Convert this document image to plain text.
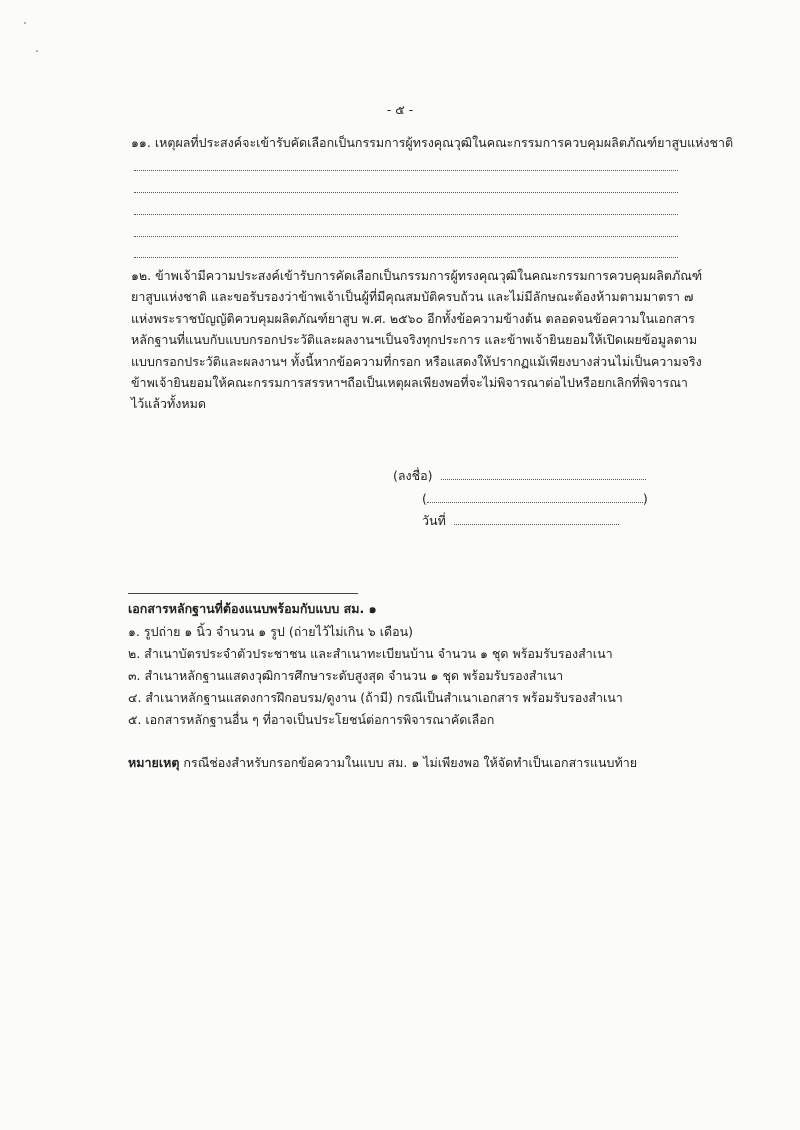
- ๕ -
๑๑. เหตุผลที่ประสงค์จะเข้ารับคัดเลือกเป็นกรรมการผู้ทรงคุณวุฒิในคณะกรรมการควบคุมผลิตภัณฑ์ยาสูบแห่งชาติ
๑๒. ข้าพเจ้ามีความประสงค์เข้ารับการคัดเลือกเป็นกรรมการผู้ทรงคุณวุฒิในคณะกรรมการควบคุมผลิตภัณฑ์
ยาสูบแห่งชาติ และขอรับรองว่าข้าพเจ้าเป็นผู้ที่มีคุณสมบัติครบถ้วน และไม่มีลักษณะต้องห้ามตามมาตรา ๗
แห่งพระราชบัญญัติควบคุมผลิตภัณฑ์ยาสูบ พ.ศ. ๒๕๖๐ อีกทั้งข้อความข้างต้น ตลอดจนข้อความในเอกสาร
หลักฐานที่แนบกับแบบกรอกประวัติและผลงานฯเป็นจริงทุกประการ และข้าพเจ้ายินยอมให้เปิดเผยข้อมูลตาม
แบบกรอกประวัติและผลงานฯ ทั้งนี้หากข้อความที่กรอก หรือแสดงให้ปรากฏแม้เพียงบางส่วนไม่เป็นความจริง
ข้าพเจ้ายินยอมให้คณะกรรมการสรรหาฯถือเป็นเหตุผลเพียงพอที่จะไม่พิจารณาต่อไปหรือยกเลิกที่พิจารณา
ไว้แล้วทั้งหมด
(ลงชื่อ)
(	)
วันที่
เอกสารหลักฐานที่ต้องแนบพร้อมกับแบบ สม. ๑
๑. รูปถ่าย ๑ นิ้ว จำนวน ๑ รูป (ถ่ายไว้ไม่เกิน ๖ เดือน)
๒. สำเนาบัตรประจำตัวประชาชน และสำเนาทะเบียนบ้าน จำนวน ๑ ชุด พร้อมรับรองสำเนา
๓. สำเนาหลักฐานแสดงวุฒิการศึกษาระดับสูงสุด จำนวน ๑ ชุด พร้อมรับรองสำเนา
๔. สำเนาหลักฐานแสดงการฝึกอบรม/ดูงาน (ถ้ามี) กรณีเป็นสำเนาเอกสาร พร้อมรับรองสำเนา
๕. เอกสารหลักฐานอื่น ๆ ที่อาจเป็นประโยชน์ต่อการพิจารณาคัดเลือก
หมายเหตุ กรณีช่องสำหรับกรอกข้อความในแบบ สม. ๑ ไม่เพียงพอ ให้จัดทำเป็นเอกสารแนบท้าย
